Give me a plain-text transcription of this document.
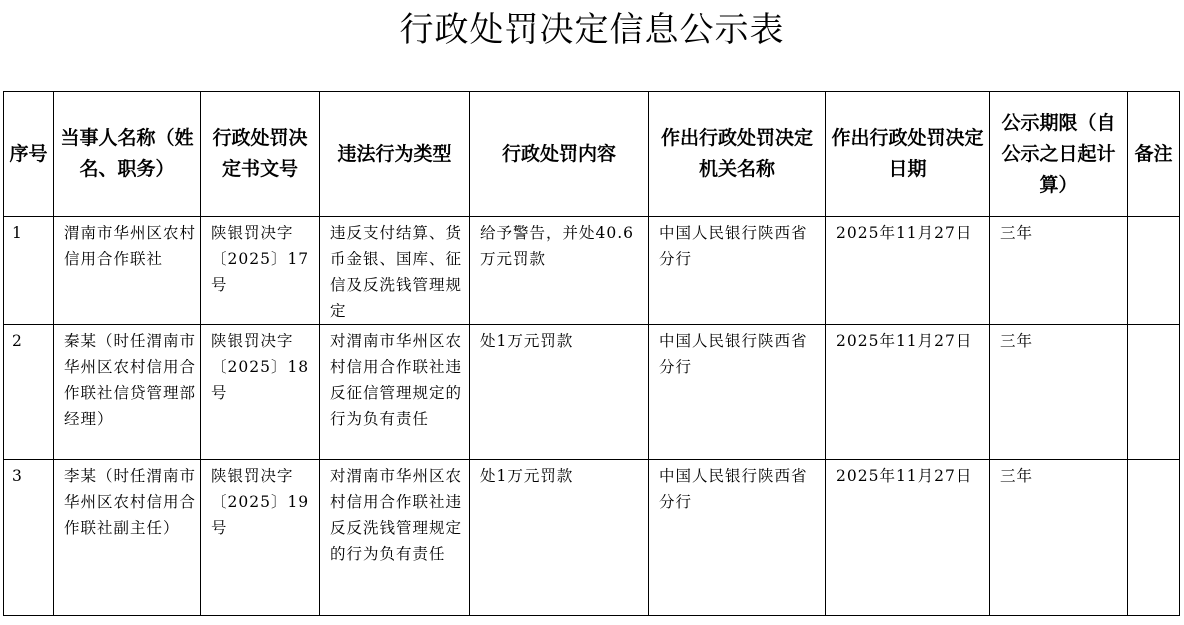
行政处罚决定信息公示表
序号	当事人名称（姓名、职务）	行政处罚决定书文号	违法行为类型	行政处罚内容	作出行政处罚决定机关名称	作出行政处罚决定日期	公示期限（自公示之日起计算）	备注
1	渭南市华州区农村信用合作联社	陕银罚决字〔2025〕17号	违反支付结算、货币金银、国库、征信及反洗钱管理规定	给予警告，并处40.6万元罚款	中国人民银行陕西省分行	2025年11月27日	三年	
2	秦某（时任渭南市华州区农村信用合作联社信贷管理部经理）	陕银罚决字〔2025〕18号	对渭南市华州区农村信用合作联社违反征信管理规定的行为负有责任	处1万元罚款	中国人民银行陕西省分行	2025年11月27日	三年	
3	李某（时任渭南市华州区农村信用合作联社副主任）	陕银罚决字〔2025〕19号	对渭南市华州区农村信用合作联社违反反洗钱管理规定的行为负有责任	处1万元罚款	中国人民银行陕西省分行	2025年11月27日	三年	
